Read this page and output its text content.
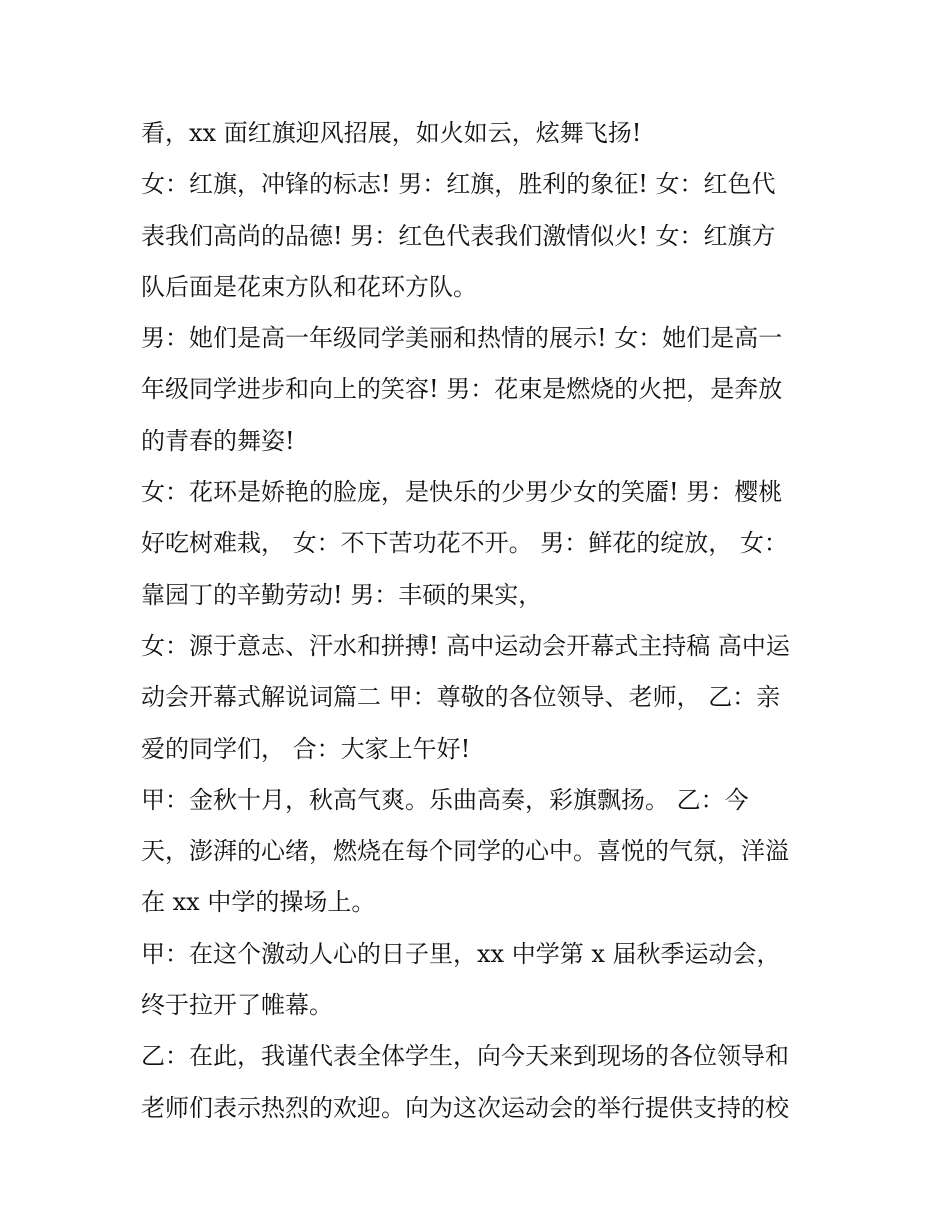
看，xx 面红旗迎风招展，如火如云，炫舞飞扬!
女：红旗，冲锋的标志! 男：红旗，胜利的象征! 女：红色代
表我们高尚的品德! 男：红色代表我们激情似火! 女：红旗方
队后面是花束方队和花环方队。
男：她们是高一年级同学美丽和热情的展示! 女：她们是高一
年级同学进步和向上的笑容! 男：花束是燃烧的火把，是奔放
的青春的舞姿!
女：花环是娇艳的脸庞，是快乐的少男少女的笑靥! 男：樱桃
好吃树难栽， 女：不下苦功花不开。 男：鲜花的绽放， 女：
靠园丁的辛勤劳动! 男：丰硕的果实，
女：源于意志、汗水和拼搏! 高中运动会开幕式主持稿 高中运
动会开幕式解说词篇二 甲：尊敬的各位领导、老师， 乙：亲
爱的同学们， 合：大家上午好!
甲：金秋十月，秋高气爽。乐曲高奏，彩旗飘扬。 乙：今
天，澎湃的心绪，燃烧在每个同学的心中。喜悦的气氛，洋溢
在 xx 中学的操场上。
甲：在这个激动人心的日子里，xx 中学第 x 届秋季运动会，
终于拉开了帷幕。
乙：在此，我谨代表全体学生，向今天来到现场的各位领导和
老师们表示热烈的欢迎。向为这次运动会的举行提供支持的校
